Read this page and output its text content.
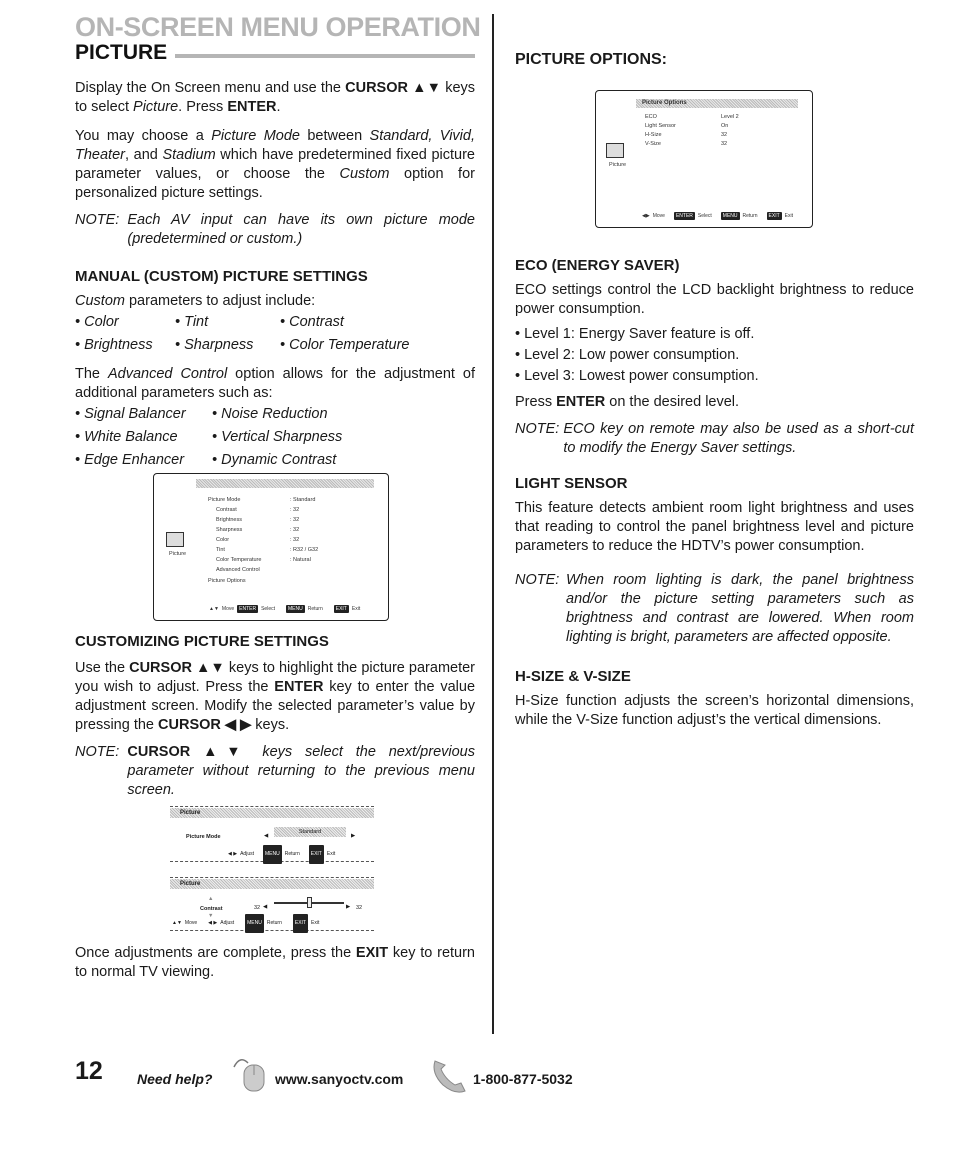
ON-SCREEN MENU OPERATION
PICTURE

Display the On Screen menu and use the CURSOR ▲▼ keys to select Picture. Press ENTER.

You may choose a Picture Mode between Standard, Vivid, Theater, and Stadium which have predetermined fixed picture parameter values, or choose the Custom option for personalized picture settings.

NOTE: Each AV input can have its own picture mode (predetermined or custom.)
MANUAL (CUSTOM) PICTURE SETTINGS
Custom parameters to adjust include:
• Color	• Tint	• Contrast
• Brightness	• Sharpness	• Color Temperature

The Advanced Control option allows for the adjustment of additional parameters such as:

• Signal Balancer	• Noise Reduction
• White Balance	• Vertical Sharpness
• Edge Enhancer	• Dynamic Contrast
Picture
Picture Mode	: Standard
Contrast	: 32
Brightness	: 32
Sharpness	: 32
Color	: 32
Tint	: R32 / G32
Color Temperature	: Natural
Advanced Control
Picture Options
▲▼ Move	ENTER	Select	MENU	Return	EXIT	Exit
CUSTOMIZING PICTURE SETTINGS

Use the CURSOR ▲▼ keys to highlight the picture parameter you wish to adjust. Press the ENTER key to enter the value adjustment screen. Modify the selected parameter’s value by pressing the CURSOR ◀ ▶ keys.

NOTE: CURSOR ▲▼ keys select the next/previous parameter without returning to the previous menu screen.
Picture
Picture Mode	◀
Standard
▶
◀ ▶ Adjust	MENU	Return	EXIT	Exit
Picture
▲
Contrast
▼
32 ◀	▶ 32
▲▼ Move ◀ ▶ Adjust	MENU	Return	EXIT	Exit

Once adjustments are complete, press the EXIT key to return to normal TV viewing.

PICTURE OPTIONS:
Picture Options
Picture
ECO	Level 2
Light Sensor	On
H-Size	32
V-Size	32
◀▶ Move	ENTER	Select	MENU	Return	EXIT	Exit
ECO (ENERGY SAVER)

ECO settings control the LCD backlight brightness to reduce power consumption.

• Level 1: Energy Saver feature is off.
• Level 2: Low power consumption.
• Level 3: Lowest power consumption.

Press ENTER on the desired level.

NOTE: ECO key on remote may also be used as a short-cut to modify the Energy Saver settings.
LIGHT SENSOR

This feature detects ambient room light brightness and uses that reading to control the panel brightness level and picture parameters to reduce the HDTV’s power consumption.

NOTE: When room lighting is dark, the panel brightness and/or the picture setting parameters such as brightness and contrast are lowered. When room lighting is bright, parameters are affected opposite.
H-SIZE & V-SIZE

H-Size function adjusts the screen’s horizontal dimensions, while the V-Size function adjust’s the vertical dimensions.

12 Need help?	www.sanyoctv.com	1-800-877-5032
